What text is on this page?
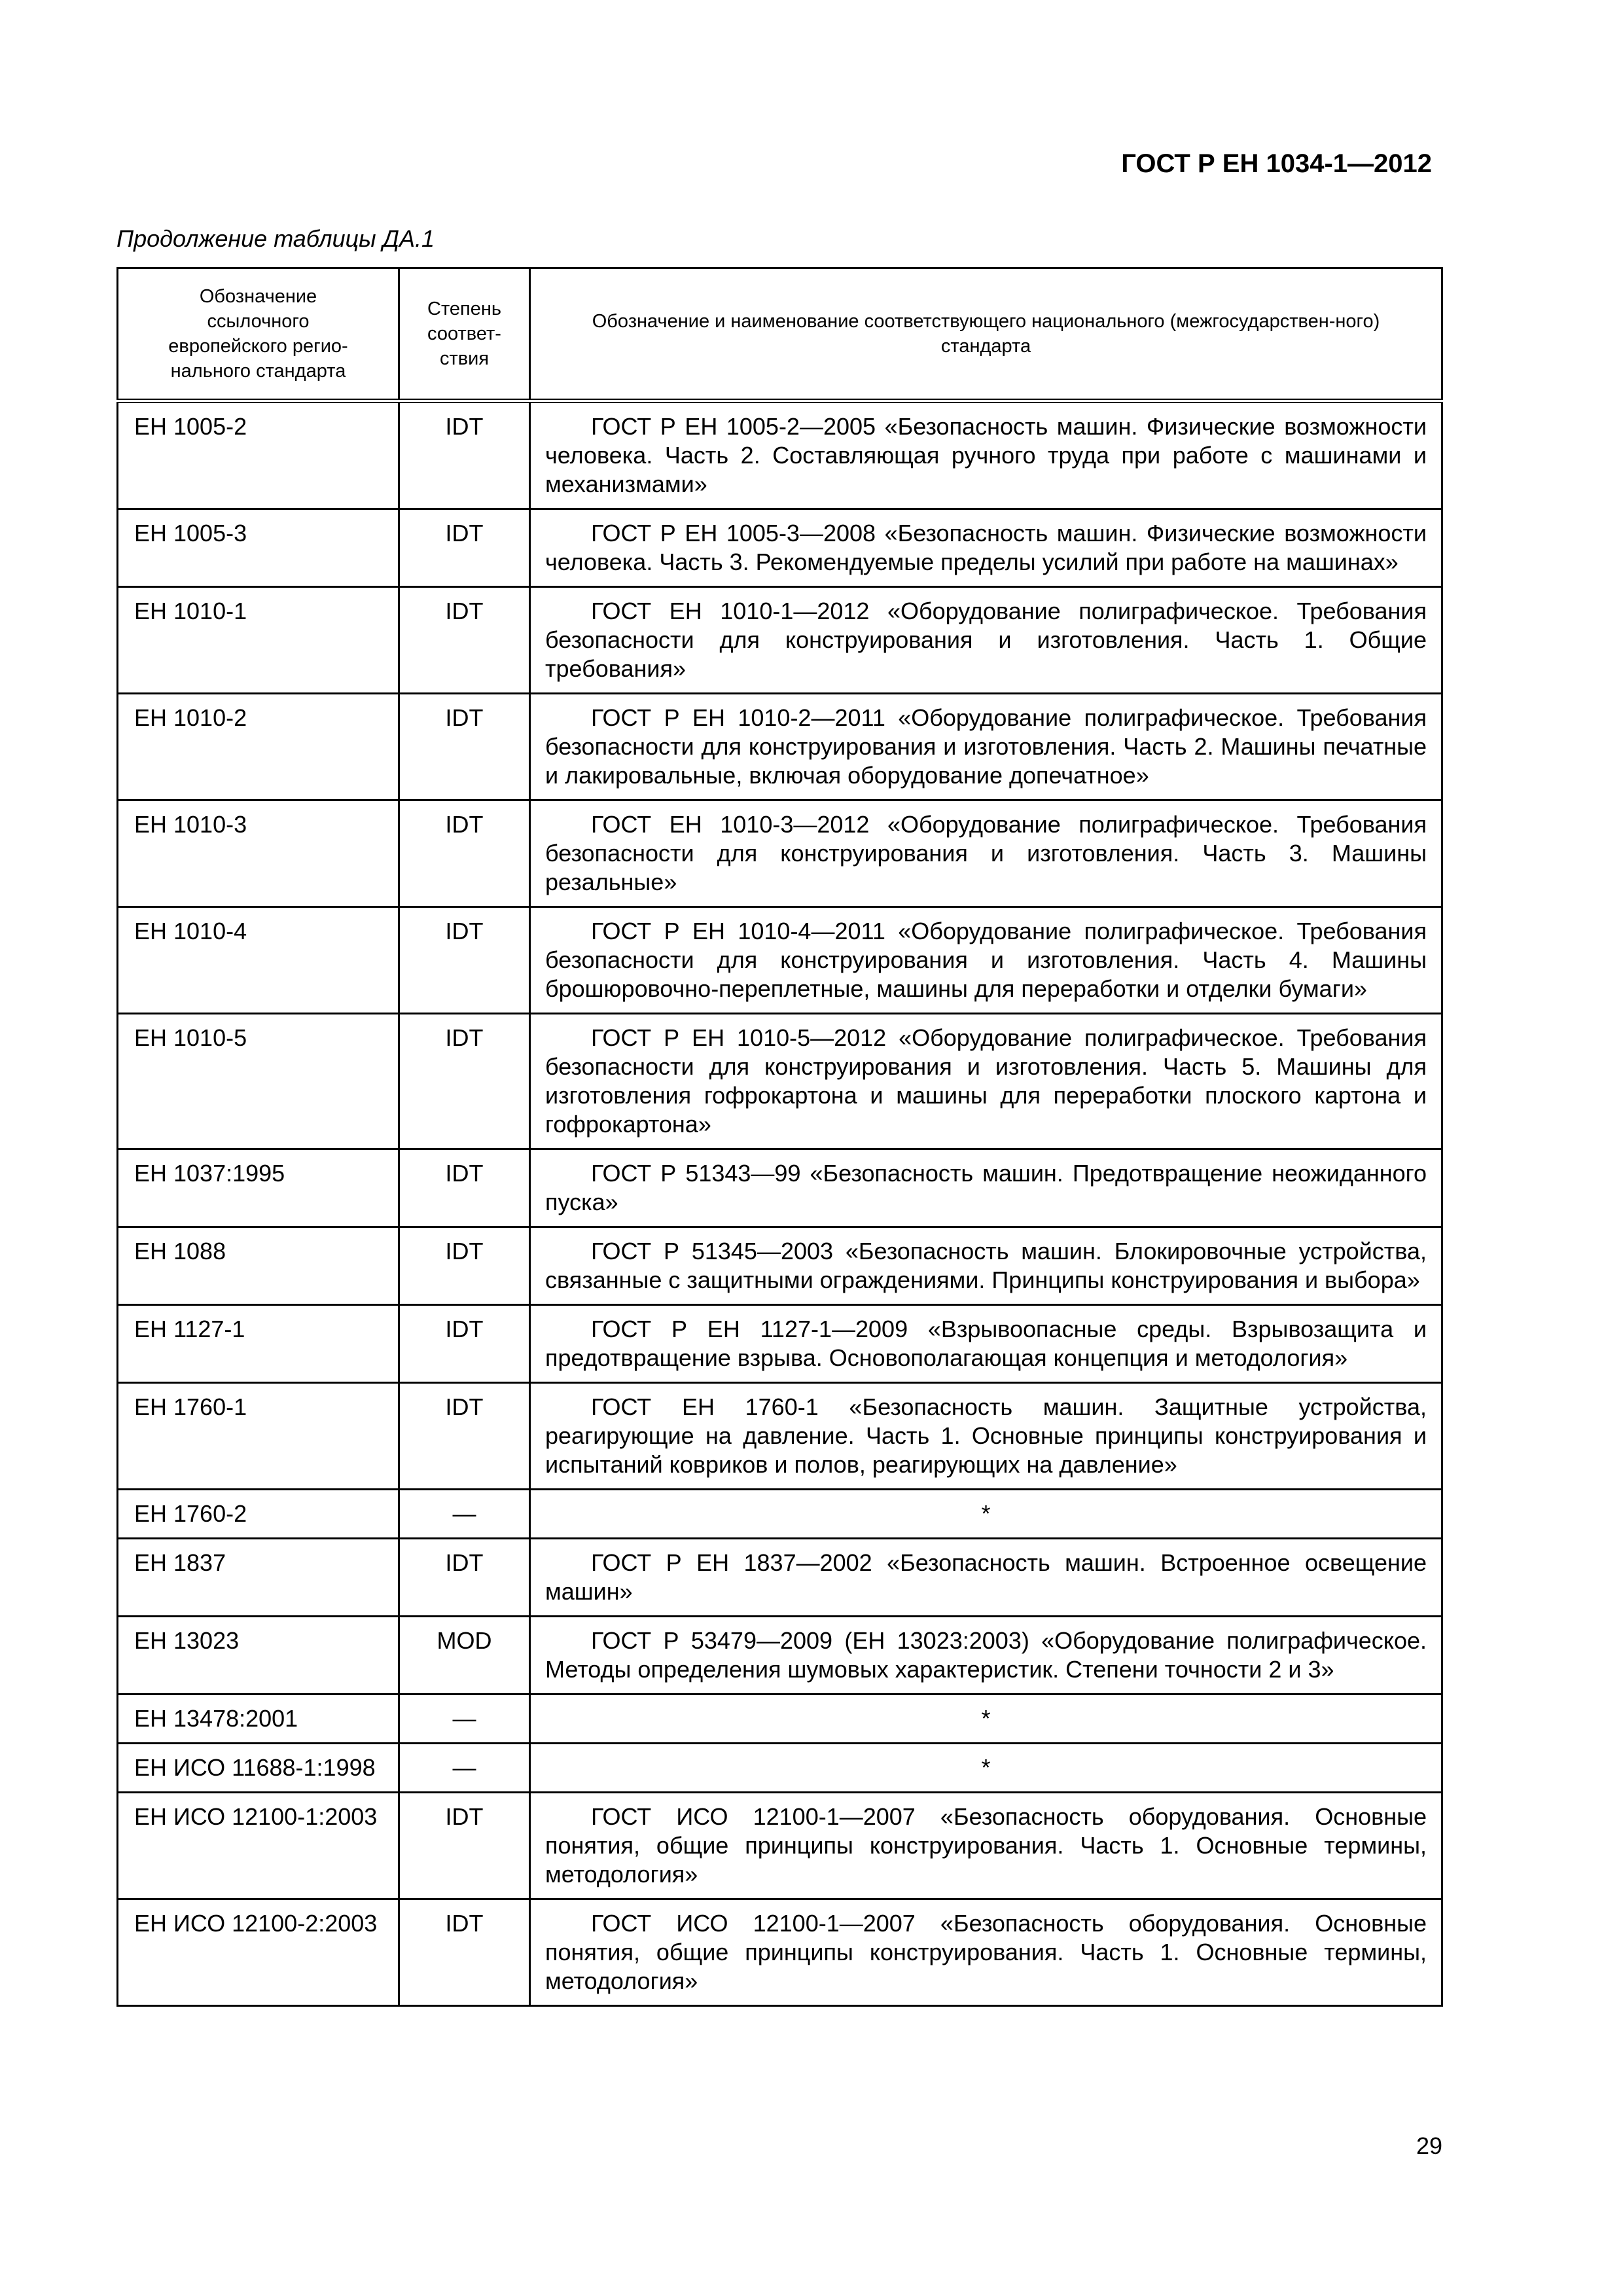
ГОСТ Р ЕН 1034-1—2012
Продолжение таблицы ДА.1
Обозначение ссылочного европейского регио-нального стандарта	Степень соответ-ствия	Обозначение и наименование соответствующего национального (межгосударствен-ного) стандарта
ЕН 1005-2	IDT	ГОСТ Р ЕН 1005-2—2005 «Безопасность машин. Физические возможности человека. Часть 2. Составляющая ручного труда при работе с машинами и механизмами»

ЕН 1005-3	IDT	ГОСТ Р ЕН 1005-3—2008 «Безопасность машин. Физические возможности человека. Часть 3. Рекомендуемые пределы усилий при работе на машинах»

ЕН 1010-1	IDT	ГОСТ ЕН 1010-1—2012 «Оборудование полиграфическое. Требования безопасности для конструирования и изготовления. Часть 1. Общие требования»

ЕН 1010-2	IDT	ГОСТ Р ЕН 1010-2—2011 «Оборудование полиграфическое. Требования безопасности для конструирования и изготовления. Часть 2. Машины печатные и лакировальные, включая оборудование допечатное»

ЕН 1010-3	IDT	ГОСТ ЕН 1010-3—2012 «Оборудование полиграфическое. Требования безопасности для конструирования и изготовления. Часть 3. Машины резальные»

ЕН 1010-4	IDT	ГОСТ Р ЕН 1010-4—2011 «Оборудование полиграфическое. Требования безопасности для конструирования и изготовления. Часть 4. Машины брошюровочно-переплетные, машины для переработки и отделки бумаги»

ЕН 1010-5	IDT	ГОСТ Р ЕН 1010-5—2012 «Оборудование полиграфическое. Требования безопасности для конструирования и изготовления. Часть 5. Машины для изготовления гофрокартона и машины для переработки плоского картона и гофрокартона»

ЕН 1037:1995	IDT	ГОСТ Р 51343—99 «Безопасность машин. Предотвращение неожиданного пуска»

ЕН 1088	IDT	ГОСТ Р 51345—2003 «Безопасность машин. Блокировочные устройства, связанные с защитными ограждениями. Принципы конструирования и выбора»

ЕН 1127-1	IDT	ГОСТ Р ЕН 1127-1—2009 «Взрывоопасные среды. Взрывозащита и предотвращение взрыва. Основополагающая концепция и методология»

ЕН 1760-1	IDT	ГОСТ ЕН 1760-1 «Безопасность машин. Защитные устройства, реагирующие на давление. Часть 1. Основные принципы конструирования и испытаний ковриков и полов, реагирующих на давление»

ЕН 1760-2	—	*
ЕН 1837	IDT	ГОСТ Р ЕН 1837—2002 «Безопасность машин. Встроенное освещение машин»

ЕН 13023	MOD	ГОСТ Р 53479—2009 (ЕН 13023:2003) «Оборудование полиграфическое. Методы определения шумовых характеристик. Степени точности 2 и 3»

ЕН 13478:2001	—	*
ЕН ИСО 11688-1:1998	—	*
ЕН ИСО 12100-1:2003	IDT	ГОСТ ИСО 12100-1—2007 «Безопасность оборудования. Основные понятия, общие принципы конструирования. Часть 1. Основные термины, методология»

ЕН ИСО 12100-2:2003	IDT	ГОСТ ИСО 12100-1—2007 «Безопасность оборудования. Основные понятия, общие принципы конструирования. Часть 1. Основные термины, методология»
29
